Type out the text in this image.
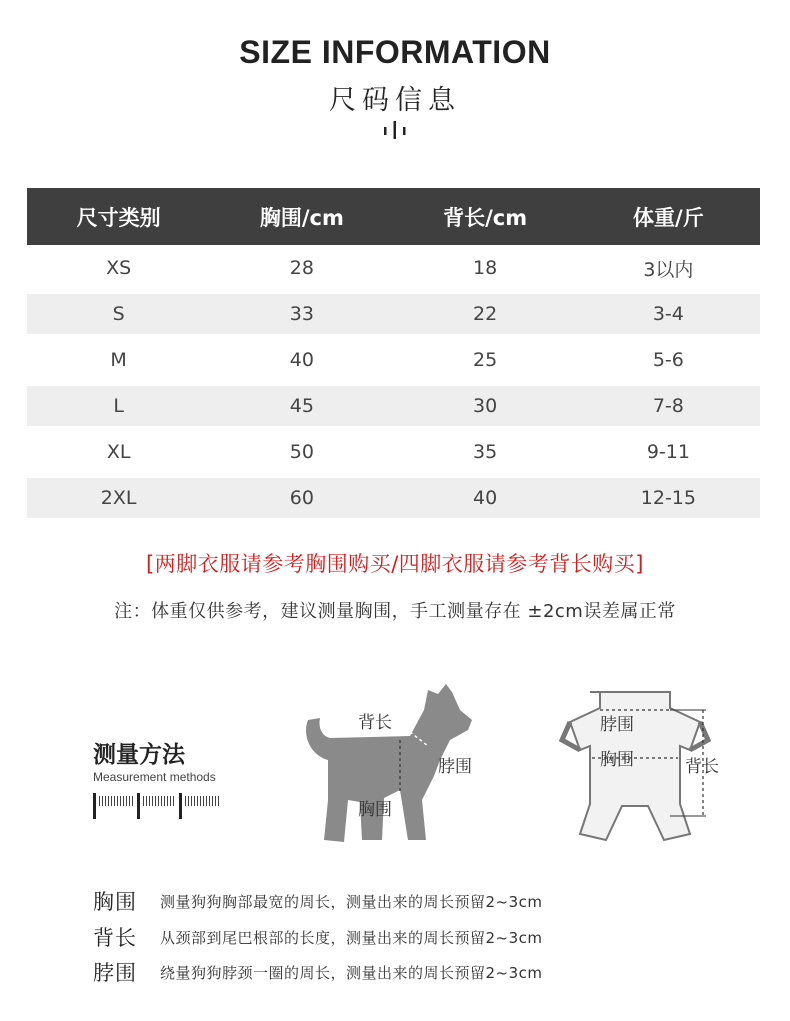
SIZE INFORMATION
尺码信息
尺寸类别	胸围/cm	背长/cm	体重/斤
XS	28	18	3以内
S	33	22	3-4
M	40	25	5-6
L	45	30	7-8
XL	50	35	9-11
2XL	60	40	12-15
[两脚衣服请参考胸围购买/四脚衣服请参考背长购买]
注：体重仅供参考，建议测量胸围，手工测量存在 ±2cm误差属正常
测量方法
Measurement methods
背长
脖围
胸围
脖围
胸围	背长
胸围	测量狗狗胸部最宽的周长，测量出来的周长预留2~3cm
背长	从颈部到尾巴根部的长度，测量出来的周长预留2~3cm
脖围	绕量狗狗脖颈一圈的周长，测量出来的周长预留2~3cm
